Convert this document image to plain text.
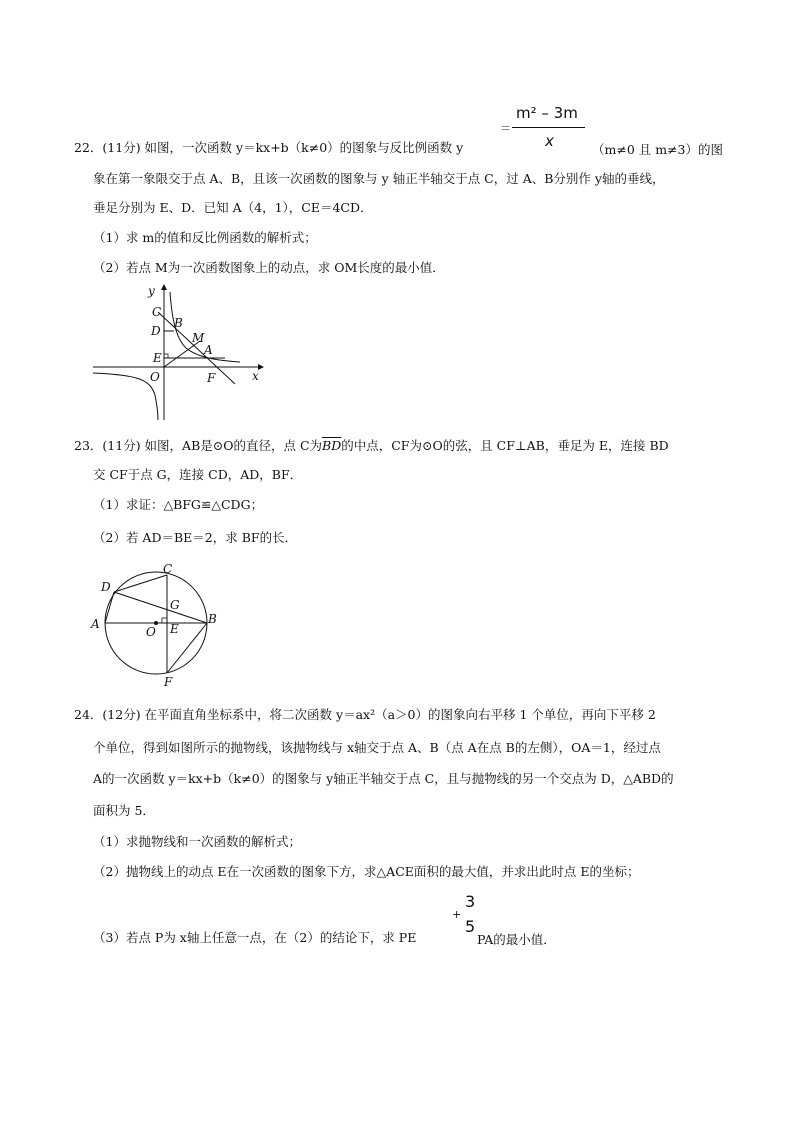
m² – 3m
x
＝
22．(11分) 如图，一次函数 y＝kx+b（k≠0）的图象与反比例函数 y	（m≠0 且 m≠3）的图
象在第一象限交于点 A、B，且该一次函数的图象与 y 轴正半轴交于点 C，过 A、B分别作 y轴的垂线，
垂足分别为 E、D．已知 A（4，1），CE＝4CD．
（1）求 m的值和反比例函数的解析式；
（2）若点 M为一次函数图象上的动点，求 OM长度的最小值．
y
x
C
D
B
M
A
E
O	F
23．(11分) 如图，AB是⊙O的直径，点 C为$\overline{BD}$的中点，CF为⊙O的弦，且 CF⊥AB，垂足为 E，连接 BD
交 CF于点 G，连接 CD，AD，BF．
（1）求证：△BFG≌△CDG；
（2）若 AD＝BE＝2，求 BF的长．
C
D
G
A
O E
B
F
24．(12分) 在平面直角坐标系中，将二次函数 y＝ax²（a＞0）的图象向右平移 1 个单位，再向下平移 2
个单位，得到如图所示的抛物线，该抛物线与 x轴交于点 A、B（点 A在点 B的左侧），OA＝1，经过点
A的一次函数 y＝kx+b（k≠0）的图象与 y轴正半轴交于点 C，且与抛物线的另一个交点为 D，△ABD的
面积为 5．
（1）求抛物线和一次函数的解析式；
（2）抛物线上的动点 E在一次函数的图象下方，求△ACE面积的最大值，并求出此时点 E的坐标；
（3）若点 P为 x轴上任意一点，在（2）的结论下，求 PE
+
3
5
PA的最小值．
